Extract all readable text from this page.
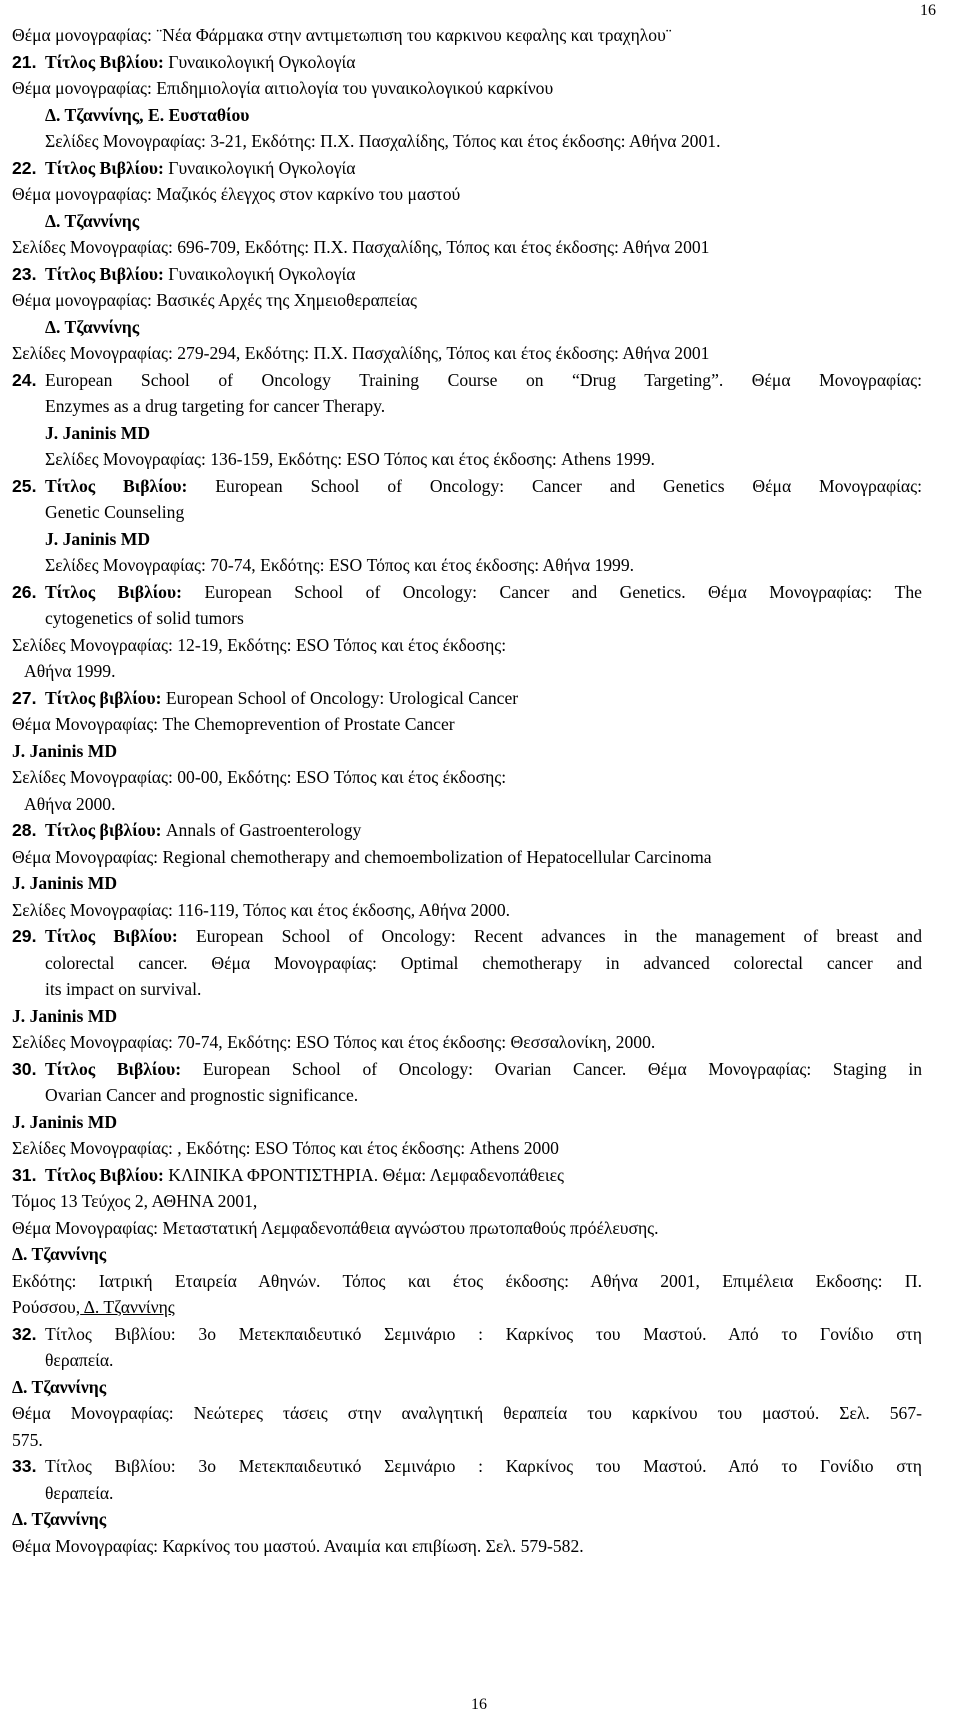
16

Θέμα μονογραφίας: ¨Νέα Φάρμακα στην αντιμετωπιση του καρκινου κεφαλης και τραχηλου¨

21. Τίτλος Βιβλίου: Γυναικολογική Ογκολογία

Θέμα μονογραφίας: Επιδημιολογία αιτιολογία του γυναικολογικού καρκίνου

Δ. Τζαννίνης, Ε. Ευσταθίου

Σελίδες Μονογραφίας: 3-21, Εκδότης: Π.Χ. Πασχαλίδης, Τόπος και έτος έκδοσης: Αθήνα 2001.

22. Τίτλος Βιβλίου: Γυναικολογική Ογκολογία

Θέμα μονογραφίας: Μαζικός έλεγχος στον καρκίνο του μαστού

Δ. Τζαννίνης

Σελίδες Μονογραφίας: 696-709, Εκδότης: Π.Χ. Πασχαλίδης, Τόπος και έτος έκδοσης: Αθήνα 2001

23. Τίτλος Βιβλίου: Γυναικολογική Ογκολογία

Θέμα μονογραφίας: Βασικές Αρχές της Χημειοθεραπείας

Δ. Τζαννίνης

Σελίδες Μονογραφίας: 279-294, Εκδότης: Π.Χ. Πασχαλίδης, Τόπος και έτος έκδοσης: Αθήνα 2001

24. European School of Oncology Training Course on “Drug Targeting”. Θέμα Μονογραφίας:

Enzymes as a drug targeting for cancer Therapy.

J. Janinis MD

Σελίδες Μονογραφίας: 136-159, Εκδότης: ESO Τόπος και έτος έκδοσης: Athens 1999.

25. Τίτλος Βιβλίου: European School of Oncology: Cancer and Genetics Θέμα Μονογραφίας:

Genetic Counseling

J. Janinis MD

Σελίδες Μονογραφίας: 70-74, Εκδότης: ESO Τόπος και έτος έκδοσης: Αθήνα 1999.

26. Τίτλος Βιβλίου: European School of Oncology: Cancer and Genetics. Θέμα Μονογραφίας: The

cytogenetics of solid tumors

Σελίδες Μονογραφίας: 12-19, Εκδότης: ESO Τόπος και έτος έκδοσης:

Αθήνα 1999.

27. Τίτλος βιβλίου: European School of Oncology: Urological Cancer

Θέμα Μονογραφίας: The Chemoprevention of Prostate Cancer

J. Janinis MD

Σελίδες Μονογραφίας: 00-00, Εκδότης: ESO Τόπος και έτος έκδοσης:

Αθήνα 2000.

28. Τίτλος βιβλίου: Annals of Gastroenterology

Θέμα Μονογραφίας: Regional chemotherapy and chemoembolization of Hepatocellular Carcinoma

J. Janinis MD

Σελίδες Μονογραφίας: 116-119, Τόπος και έτος έκδοσης, Αθήνα 2000.

29. Τίτλος Βιβλίου: European School of Oncology: Recent advances in the management of breast and

colorectal cancer. Θέμα Μονογραφίας: Optimal chemotherapy in advanced colorectal cancer and

its impact on survival.

J. Janinis MD

Σελίδες Μονογραφίας: 70-74, Εκδότης: ESO Τόπος και έτος έκδοσης: Θεσσαλονίκη, 2000.

30. Τίτλος Βιβλίου: European School of Oncology: Ovarian Cancer. Θέμα Μονογραφίας: Staging in

Ovarian Cancer and prognostic significance.

J. Janinis MD

Σελίδες Μονογραφίας: , Εκδότης: ESO Τόπος και έτος έκδοσης: Athens 2000

31. Τίτλος Βιβλίου: ΚΛΙΝΙΚΑ ΦΡΟΝΤΙΣΤΗΡΙΑ. Θέμα: Λεμφαδενοπάθειες

Τόμος 13 Τεύχος 2, ΑΘΗΝΑ 2001,

Θέμα Μονογραφίας: Μεταστατική Λεμφαδενοπάθεια αγνώστου πρωτοπαθούς πρόέλευσης.

Δ. Τζαννίνης

Εκδότης: Ιατρική Εταιρεία Αθηνών. Τόπος και έτος έκδοσης: Αθήνα 2001, Επιμέλεια Εκδοσης: Π.

Ρούσσου, Δ. Τζαννίνης

32. Τίτλος Βιβλίου: 3ο Μετεκπαιδευτικό Σεμινάριο : Καρκίνος του Μαστού. Από το Γονίδιο στη

θεραπεία.

Δ. Τζαννίνης

Θέμα Μονογραφίας: Νεώτερες τάσεις στην αναλγητική θεραπεία του καρκίνου του μαστού. Σελ. 567-

575.

33. Τίτλος Βιβλίου: 3ο Μετεκπαιδευτικό Σεμινάριο : Καρκίνος του Μαστού. Από το Γονίδιο στη

θεραπεία.

Δ. Τζαννίνης

Θέμα Μονογραφίας: Καρκίνος του μαστού. Αναιμία και επιβίωση. Σελ. 579-582.

16
